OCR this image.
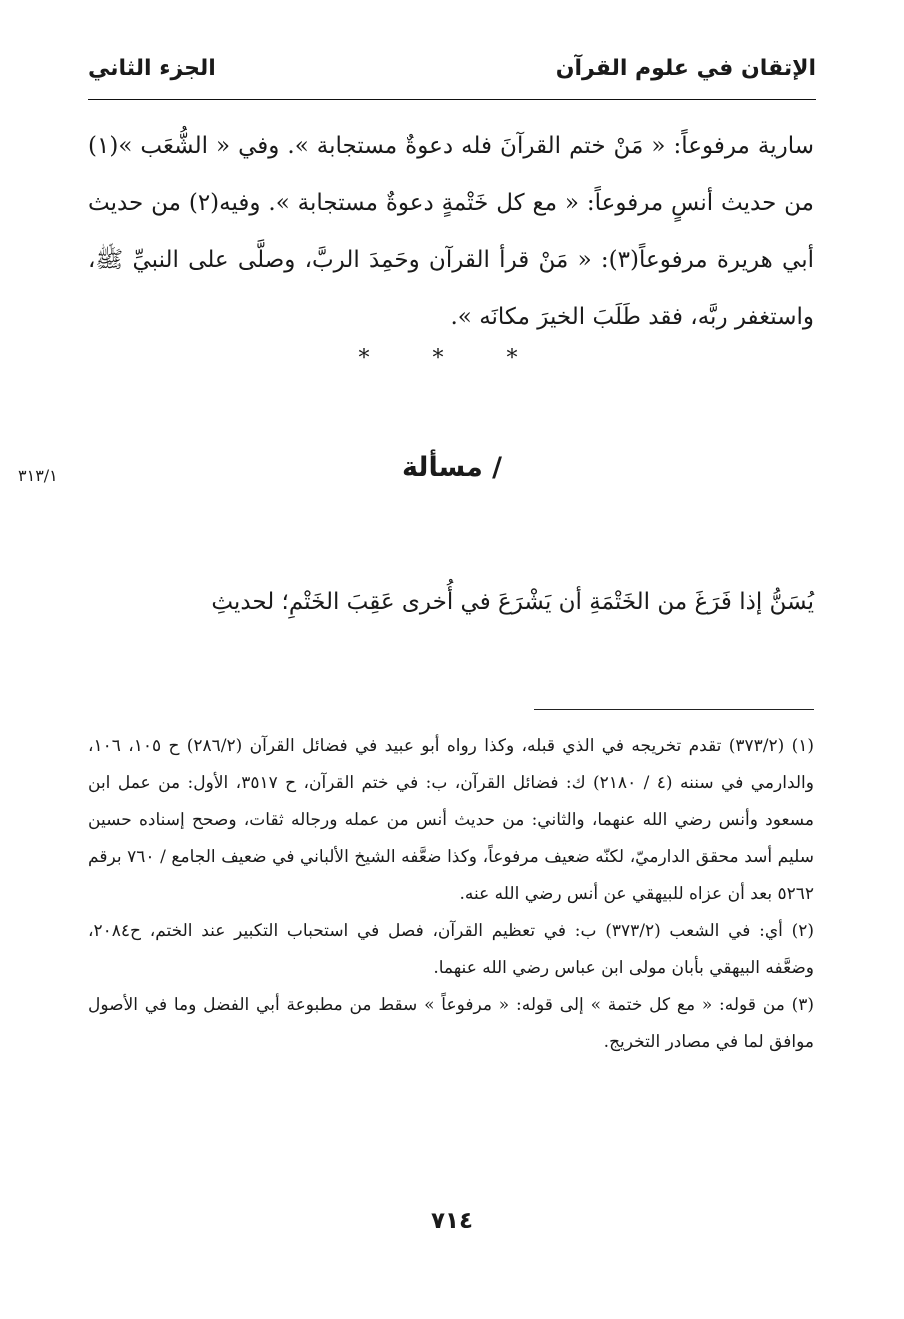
الإتقان في علوم القرآن
الجزء الثاني

سارية مرفوعاً: « مَنْ ختم القرآنَ فله دعوةٌ مستجابة ». وفي « الشُّعَب »(١) من حديث أنسٍ مرفوعاً: « مع كل خَتْمةٍ دعوةٌ مستجابة ». وفيه(٢) من حديث أبي هريرة مرفوعاً(٣): « مَنْ قرأ القرآن وحَمِدَ الربَّ، وصلَّى على النبيِّ ﷺ، واستغفر ربَّه، فقد طَلَبَ الخيرَ مكانَه ».

* * *
/ مسألة
٣١٣/١
يُسَنُّ إذا فَرَغَ من الخَتْمَةِ أن يَشْرَعَ في أُخرى عَقِبَ الخَتْمِ؛ لحديثِ

(١) (٣٧٣/٢) تقدم تخريجه في الذي قبله، وكذا رواه أبو عبيد في فضائل القرآن (٢٨٦/٢) ح ١٠٥، ١٠٦، والدارمي في سننه (٤ / ٢١٨٠) ك: فضائل القرآن، ب: في ختم القرآن، ح ٣٥١٧، الأول: من عمل ابن مسعود وأنس رضي الله عنهما، والثاني: من حديث أنس من عمله ورجاله ثقات، وصحح إسناده حسين سليم أسد محقق الدارميّ، لكنّه ضعيف مرفوعاً، وكذا ضعَّفه الشيخ الألباني في ضعيف الجامع / ٧٦٠ برقم ٥٢٦٢ بعد أن عزاه للبيهقي عن أنس رضي الله عنه.

(٢) أي: في الشعب (٣٧٣/٢) ب: في تعظيم القرآن، فصل في استحباب التكبير عند الختم، ح٢٠٨٤، وضعَّفه البيهقي بأبان مولى ابن عباس رضي الله عنهما.

(٣) من قوله: « مع كل ختمة » إلى قوله: « مرفوعاً » سقط من مطبوعة أبي الفضل وما في الأصول موافق لما في مصادر التخريج.

٧١٤
